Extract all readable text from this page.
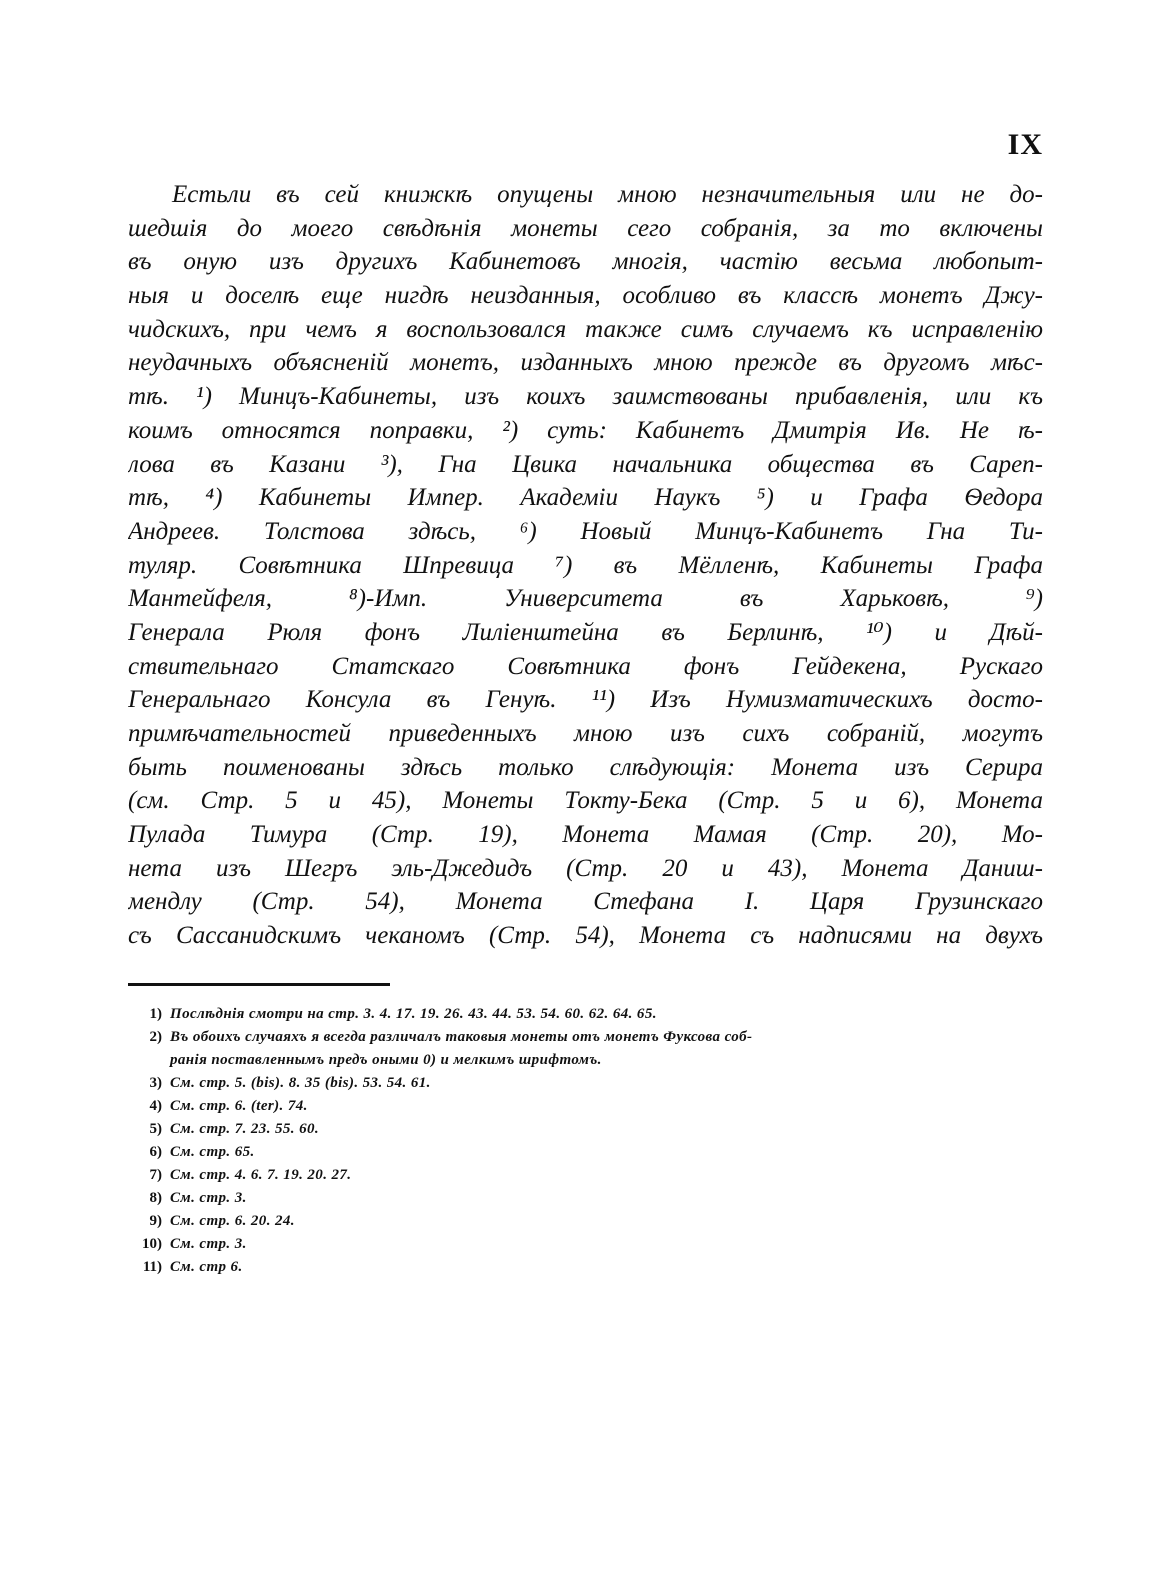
IX
Естьли въ сей книжкѣ опущены мною незначительныя или не до-
шедшія до моего свѣдѣнія монеты сего собранія, за то включены
въ оную изъ другихъ Кабинетовъ многія, частію весьма любопыт-
ныя и доселѣ еще нигдѣ неизданныя, особливо въ классѣ монетъ Джу-
чидскихъ, при чемъ я воспользовался также симъ случаемъ къ исправленію
неудачныхъ объясненій монетъ, изданныхъ мною прежде въ другомъ мѣс-
тѣ. ¹) Минцъ-Кабинеты, изъ коихъ заимствованы прибавленія, или къ
коимъ относятся поправки, ²) суть: Кабинетъ Дмитрія Ив. Не ѣ-
лова въ Казани ³), Гна Цвика начальника общества въ Сареп-
тѣ, ⁴) Кабинеты Импер. Академіи Наукъ ⁵) и Графа Ѳедора
Андреев. Толстова здѣсь, ⁶) Новый Минцъ-Кабинетъ Гна Ти-
туляр. Совѣтника Шпревица ⁷) въ Мёлленѣ, Кабинеты Графа
Мантейфеля, ⁸)-Имп. Университета въ Харьковѣ, ⁹)
Генерала Рюля фонъ Лиліенштейна въ Берлинѣ, ¹⁰) и Дѣй-
ствительнаго Статскаго Совѣтника фонъ Гейдекена, Рускаго
Генеральнаго Консула въ Генуѣ. ¹¹) Изъ Нумизматическихъ досто-
примѣчательностей приведенныхъ мною изъ сихъ собраній, могутъ
быть поименованы здѣсь только слѣдующія: Монета изъ Серира
(см. Стр. 5 и 45), Монеты Токту-Бека (Стр. 5 и 6), Монета
Пулада Тимура (Стр. 19), Монета Мамая (Стр. 20), Мо-
нета изъ Шегръ эль-Джедидъ (Стр. 20 и 43), Монета Даниш-
мендлу (Стр. 54), Монета Стефана I. Царя Грузинскаго
съ Сассанидскимъ чеканомъ (Стр. 54), Монета съ надписями на двухъ
1) Послѣднія смотри на стр. 3. 4. 17. 19. 26. 43. 44. 53. 54. 60. 62. 64. 65.
2) Въ обоихъ случаяхъ я всегда различалъ таковыя монеты отъ монетъ Фуксова соб-
ранія поставленнымъ предъ оными 0) и мелкимъ шрифтомъ.
3) См. стр. 5. (bis). 8. 35 (bis). 53. 54. 61.
4) См. стр. 6. (ter). 74.
5) См. стр. 7. 23. 55. 60.
6) См. стр. 65.
7) См. стр. 4. 6. 7. 19. 20. 27.
8) См. стр. 3.
9) См. стр. 6. 20. 24.
10) См. стр. 3.
11) См. стр 6.
